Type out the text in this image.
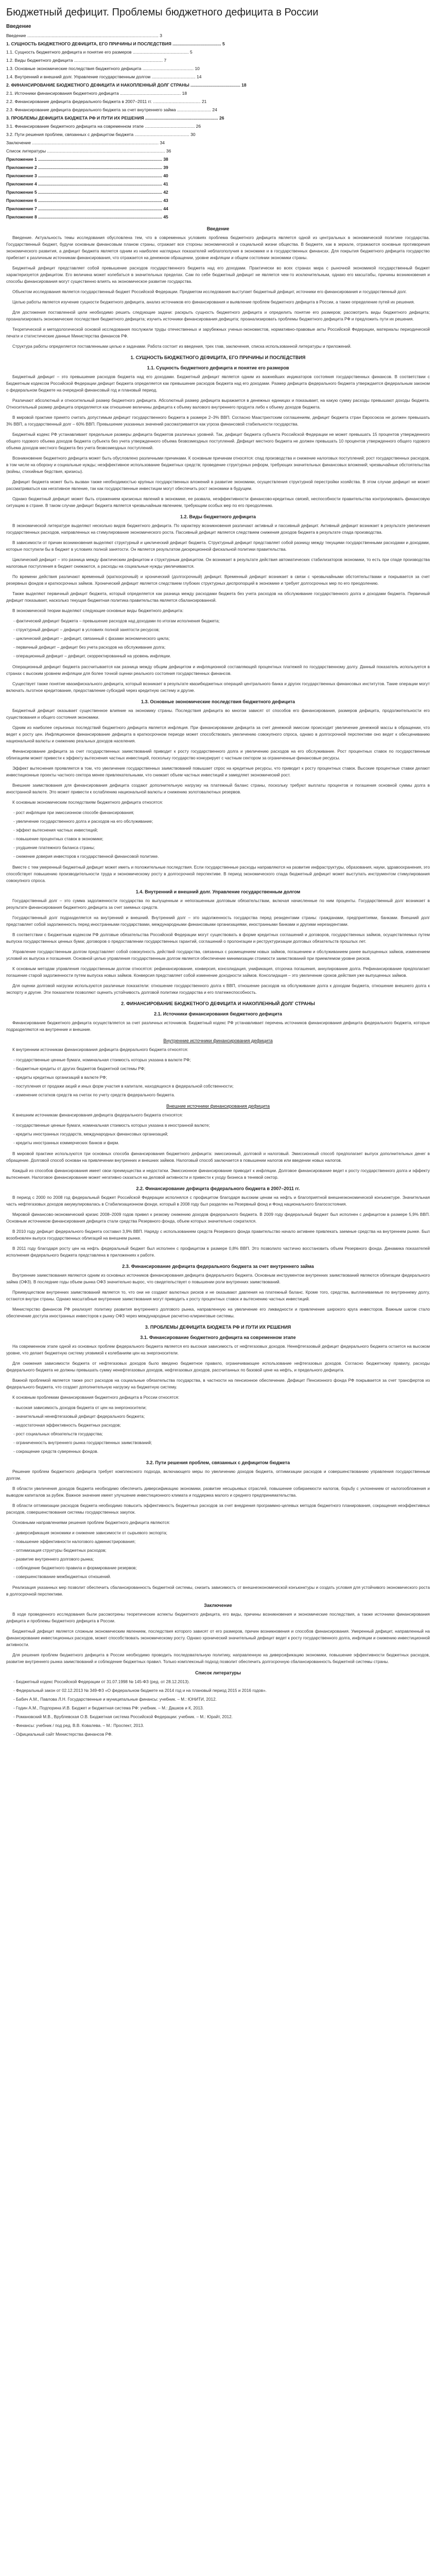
Бюджетный дефицит. Проблемы бюджетного дефицита в России
Введение
Введение ............................................................................................................ 3
1. СУЩНОСТЬ БЮДЖЕТНОГО ДЕФИЦИТА, ЕГО ПРИЧИНЫ И ПОСЛЕДСТВИЯ ........................................ 5
1.1. Сущность бюджетного дефицита и понятие его размеров .............................................. 5
1.2. Виды бюджетного дефицита ......................................................................... 7
1.3. Основные экономические последствия бюджетного дефицита .......................................... 10
1.4. Внутренний и внешний долг. Управление государственным долгом .................................... 14
2. ФИНАНСИРОВАНИЕ БЮДЖЕТНОГО ДЕФИЦИТА И НАКОПЛЕННЫЙ ДОЛГ СТРАНЫ ......................................... 18
2.1. Источники финансирования бюджетного дефицита .................................................. 18
2.2. Финансирование дефицита федерального бюджета в 2007–2011 гг. ....................................... 21
2.3. Финансирование дефицита федерального бюджета за счет внутреннего займа ............................ 24
3. ПРОБЛЕМЫ ДЕФИЦИТА БЮДЖЕТА РФ И ПУТИ ИХ РЕШЕНИЯ ............................................................ 26
3.1. Финансирование бюджетного дефицита на современном этапе ......................................... 26
3.2. Пути решения проблем, связанных с дефицитом бюджета ............................................. 30
Заключение ........................................................................................................ 34
Список литературы ................................................................................................. 36
Приложение 1 ...................................................................................................... 38
Приложение 2 ...................................................................................................... 39
Приложение 3 ...................................................................................................... 40
Приложение 4 ...................................................................................................... 41
Приложение 5 ...................................................................................................... 42
Приложение 6 ...................................................................................................... 43
Приложение 7 ...................................................................................................... 44
Приложение 8 ...................................................................................................... 45
Введение

Введение. Актуальность темы исследования обусловлена тем, что в современных условиях проблема бюджетного дефицита является одной из центральных в экономической политике государства. Государственный бюджет, будучи основным финансовым планом страны, отражает все стороны экономической и социальной жизни общества. В бюджете, как в зеркале, отражаются основные противоречия экономического развития, а дефицит бюджета является одним из наиболее наглядных показателей неблагополучия в экономике и в государственных финансах. Для покрытия бюджетного дефицита государство прибегает к различным источникам финансирования, что отражается на денежном обращении, уровне инфляции и общем состоянии экономики страны.

Бюджетный дефицит представляет собой превышение расходов государственного бюджета над его доходами. Практически во всех странах мира с рыночной экономикой государственный бюджет характеризуется дефицитом. Его величина может колебаться в значительных пределах. Сам по себе бюджетный дефицит не является чем-то исключительным, однако его масштабы, причины возникновения и способы финансирования могут существенно влиять на экономическое развитие государства.

Объектом исследования является государственный бюджет Российской Федерации. Предметом исследования выступает бюджетный дефицит, источники его финансирования и государственный долг.

Целью работы является изучение сущности бюджетного дефицита, анализ источников его финансирования и выявление проблем бюджетного дефицита в России, а также определение путей их решения.

Для достижения поставленной цели необходимо решить следующие задачи: раскрыть сущность бюджетного дефицита и определить понятие его размеров; рассмотреть виды бюджетного дефицита; проанализировать экономические последствия бюджетного дефицита; изучить источники финансирования дефицита; проанализировать проблемы бюджетного дефицита РФ и предложить пути их решения.

Теоретической и методологической основой исследования послужили труды отечественных и зарубежных ученых-экономистов, нормативно-правовые акты Российской Федерации, материалы периодической печати и статистические данные Министерства финансов РФ.

Структура работы определяется поставленными целью и задачами. Работа состоит из введения, трех глав, заключения, списка использованной литературы и приложений.

1. СУЩНОСТЬ БЮДЖЕТНОГО ДЕФИЦИТА, ЕГО ПРИЧИНЫ И ПОСЛЕДСТВИЯ
1.1. Сущность бюджетного дефицита и понятие его размеров

Бюджетный дефицит – это превышение расходов бюджета над его доходами. Бюджетный дефицит является одним из важнейших индикаторов состояния государственных финансов. В соответствии с Бюджетным кодексом Российской Федерации дефицит бюджета определяется как превышение расходов бюджета над его доходами. Размер дефицита федерального бюджета утверждается федеральным законом о федеральном бюджете на очередной финансовый год и плановый период.

Различают абсолютный и относительный размер бюджетного дефицита. Абсолютный размер дефицита выражается в денежных единицах и показывает, на какую сумму расходы превышают доходы бюджета. Относительный размер дефицита определяется как отношение величины дефицита к объему валового внутреннего продукта либо к объему доходов бюджета.

В мировой практике принято считать допустимым дефицит государственного бюджета в размере 2–3% ВВП. Согласно Маастрихтским соглашениям, дефицит бюджета стран Евросоюза не должен превышать 3% ВВП, а государственный долг – 60% ВВП. Превышение указанных значений рассматривается как угроза финансовой стабильности государства.

Бюджетный кодекс РФ устанавливает предельные размеры дефицита бюджетов различных уровней. Так, дефицит бюджета субъекта Российской Федерации не может превышать 15 процентов утвержденного общего годового объема доходов бюджета субъекта без учета утвержденного объема безвозмездных поступлений. Дефицит местного бюджета не должен превышать 10 процентов утвержденного общего годового объема доходов местного бюджета без учета безвозмездных поступлений.

Возникновение бюджетного дефицита может быть обусловлено различными причинами. К основным причинам относятся: спад производства и снижение налоговых поступлений; рост государственных расходов, в том числе на оборону и социальные нужды; неэффективное использование бюджетных средств; проведение структурных реформ, требующих значительных финансовых вложений; чрезвычайные обстоятельства (войны, стихийные бедствия, кризисы).

Дефицит бюджета может быть вызван также необходимостью крупных государственных вложений в развитие экономики, осуществления структурной перестройки хозяйства. В этом случае дефицит не может рассматриваться как негативное явление, так как государственные инвестиции могут обеспечить рост экономики в будущем.

Однако бюджетный дефицит может быть отражением кризисных явлений в экономике, ее развала, неэффективности финансово-кредитных связей, неспособности правительства контролировать финансовую ситуацию в стране. В таком случае дефицит бюджета является чрезвычайным явлением, требующим особых мер по его преодолению.

1.2. Виды бюджетного дефицита

В экономической литературе выделяют несколько видов бюджетного дефицита. По характеру возникновения различают активный и пассивный дефицит. Активный дефицит возникает в результате увеличения государственных расходов, направленных на стимулирование экономического роста. Пассивный дефицит является следствием снижения доходов бюджета в результате спада производства.

В зависимости от причин возникновения выделяют структурный и циклический дефицит бюджета. Структурный дефицит представляет собой разницу между текущими государственными расходами и доходами, которые поступили бы в бюджет в условиях полной занятости. Он является результатом дискреционной фискальной политики правительства.

Циклический дефицит – это разница между фактическим дефицитом и структурным дефицитом. Он возникает в результате действия автоматических стабилизаторов экономики, то есть при спаде производства налоговые поступления в бюджет снижаются, а расходы на социальные нужды увеличиваются.

По времени действия различают временный (краткосрочный) и хронический (долгосрочный) дефицит. Временный дефицит возникает в связи с чрезвычайными обстоятельствами и покрывается за счет резервных фондов и краткосрочных займов. Хронический дефицит является следствием глубоких структурных диспропорций в экономике и требует долгосрочных мер по его преодолению.

Также выделяют первичный дефицит бюджета, который определяется как разница между расходами бюджета без учета расходов на обслуживание государственного долга и доходами бюджета. Первичный дефицит показывает, насколько текущая бюджетная политика правительства является сбалансированной.

В экономической теории выделяют следующие основные виды бюджетного дефицита:

- фактический дефицит бюджета – превышение расходов над доходами по итогам исполнения бюджета;
- структурный дефицит – дефицит в условиях полной занятости ресурсов;
- циклический дефицит – дефицит, связанный с фазами экономического цикла;
- первичный дефицит – дефицит без учета расходов на обслуживание долга;
- операционный дефицит – дефицит, скорректированный на уровень инфляции.

Операционный дефицит бюджета рассчитывается как разница между общим дефицитом и инфляционной составляющей процентных платежей по государственному долгу. Данный показатель используется в странах с высоким уровнем инфляции для более точной оценки реального состояния государственных финансов.

Существует также понятие квазифискального дефицита, который возникает в результате квазибюджетных операций центрального банка и других государственных финансовых институтов. Такие операции могут включать льготное кредитование, предоставление субсидий через кредитную систему и другие.

1.3. Основные экономические последствия бюджетного дефицита

Бюджетный дефицит оказывает существенное влияние на экономику страны. Последствия дефицита во многом зависят от способов его финансирования, размеров дефицита, продолжительности его существования и общего состояния экономики.

Одним из наиболее серьезных последствий бюджетного дефицита является инфляция. При финансировании дефицита за счет денежной эмиссии происходит увеличение денежной массы в обращении, что ведет к росту цен. Инфляционное финансирование дефицита в краткосрочном периоде может способствовать увеличению совокупного спроса, однако в долгосрочной перспективе оно ведет к обесцениванию национальной валюты и снижению реальных доходов населения.

Финансирование дефицита за счет государственных заимствований приводит к росту государственного долга и увеличению расходов на его обслуживание. Рост процентных ставок по государственным облигациям может привести к эффекту вытеснения частных инвестиций, поскольку государство конкурирует с частным сектором за ограниченные финансовые ресурсы.

Эффект вытеснения проявляется в том, что увеличение государственных заимствований повышает спрос на кредитные ресурсы, что приводит к росту процентных ставок. Высокие процентные ставки делают инвестиционные проекты частного сектора менее привлекательными, что снижает объем частных инвестиций и замедляет экономический рост.

Внешние заимствования для финансирования дефицита создают дополнительную нагрузку на платежный баланс страны, поскольку требуют выплаты процентов и погашения основной суммы долга в иностранной валюте. Это может привести к ослаблению национальной валюты и снижению золотовалютных резервов.

К основным экономическим последствиям бюджетного дефицита относятся:

- рост инфляции при эмиссионном способе финансирования;
- увеличение государственного долга и расходов на его обслуживание;
- эффект вытеснения частных инвестиций;
- повышение процентных ставок в экономике;
- ухудшение платежного баланса страны;
- снижение доверия инвесторов к государственной финансовой политике.

Вместе с тем умеренный бюджетный дефицит может иметь и положительные последствия. Если государственные расходы направляются на развитие инфраструктуры, образования, науки, здравоохранения, это способствует повышению производительности труда и экономическому росту в долгосрочной перспективе. В период экономического спада бюджетный дефицит может выступать инструментом стимулирования совокупного спроса.

1.4. Внутренний и внешний долг. Управление государственным долгом

Государственный долг – это сумма задолженности государства по выпущенным и непогашенным долговым обязательствам, включая начисленные по ним проценты. Государственный долг возникает в результате финансирования бюджетного дефицита за счет заемных средств.

Государственный долг подразделяется на внутренний и внешний. Внутренний долг – это задолженность государства перед резидентами страны: гражданами, предприятиями, банками. Внешний долг представляет собой задолженность перед иностранными государствами, международными финансовыми организациями, иностранными банками и другими нерезидентами.

В соответствии с Бюджетным кодексом РФ долговые обязательства Российской Федерации могут существовать в форме кредитных соглашений и договоров, государственных займов, осуществляемых путем выпуска государственных ценных бумаг, договоров о предоставлении государственных гарантий, соглашений о пролонгации и реструктуризации долговых обязательств прошлых лет.

Управление государственным долгом представляет собой совокупность действий государства, связанных с размещением новых займов, погашением и обслуживанием ранее выпущенных займов, изменением условий их выпуска и погашения. Основной целью управления государственным долгом является обеспечение минимизации стоимости заимствований при приемлемом уровне рисков.

К основным методам управления государственным долгом относятся: рефинансирование, конверсия, консолидация, унификация, отсрочка погашения, аннулирование долга. Рефинансирование предполагает погашение старой задолженности путем выпуска новых займов. Конверсия представляет собой изменение доходности займов. Консолидация – это увеличение сроков действия уже выпущенных займов.

Для оценки долговой нагрузки используются различные показатели: отношение государственного долга к ВВП, отношение расходов на обслуживание долга к доходам бюджета, отношение внешнего долга к экспорту и другие. Эти показатели позволяют оценить устойчивость долговой политики государства и его платежеспособность.

2. ФИНАНСИРОВАНИЕ БЮДЖЕТНОГО ДЕФИЦИТА И НАКОПЛЕННЫЙ ДОЛГ СТРАНЫ
2.1. Источники финансирования бюджетного дефицита

Финансирование бюджетного дефицита осуществляется за счет различных источников. Бюджетный кодекс РФ устанавливает перечень источников финансирования дефицита федерального бюджета, которые подразделяются на внутренние и внешние.

Внутренние источники финансирования дефицита

К внутренним источникам финансирования дефицита федерального бюджета относятся:

- государственные ценные бумаги, номинальная стоимость которых указана в валюте РФ;
- бюджетные кредиты от других бюджетов бюджетной системы РФ;
- кредиты кредитных организаций в валюте РФ;
- поступления от продажи акций и иных форм участия в капитале, находящихся в федеральной собственности;
- изменение остатков средств на счетах по учету средств федерального бюджета.
Внешние источники финансирования дефицита

К внешним источникам финансирования дефицита федерального бюджета относятся:

- государственные ценные бумаги, номинальная стоимость которых указана в иностранной валюте;
- кредиты иностранных государств, международных финансовых организаций;
- кредиты иностранных коммерческих банков и фирм.

В мировой практике используются три основных способа финансирования бюджетного дефицита: эмиссионный, долговой и налоговый. Эмиссионный способ предполагает выпуск дополнительных денег в обращение. Долговой способ основан на привлечении внутренних и внешних займов. Налоговый способ заключается в повышении налогов или введении новых налогов.

Каждый из способов финансирования имеет свои преимущества и недостатки. Эмиссионное финансирование приводит к инфляции. Долговое финансирование ведет к росту государственного долга и эффекту вытеснения. Налоговое финансирование может негативно сказаться на деловой активности и привести к уходу бизнеса в теневой сектор.

2.2. Финансирование дефицита федерального бюджета в 2007–2011 гг.

В период с 2000 по 2008 год федеральный бюджет Российской Федерации исполнялся с профицитом благодаря высоким ценам на нефть и благоприятной внешнеэкономической конъюнктуре. Значительная часть нефтегазовых доходов аккумулировалась в Стабилизационном фонде, который в 2008 году был разделен на Резервный фонд и Фонд национального благосостояния.

Мировой финансово-экономический кризис 2008–2009 годов привел к резкому снижению доходов федерального бюджета. В 2009 году федеральный бюджет был исполнен с дефицитом в размере 5,9% ВВП. Основным источником финансирования дефицита стали средства Резервного фонда, объем которых значительно сократился.

В 2010 году дефицит федерального бюджета составил 3,9% ВВП. Наряду с использованием средств Резервного фонда правительство начало активнее привлекать заемные средства на внутреннем рынке. Был возобновлен выпуск государственных облигаций на внешнем рынке.

В 2011 году благодаря росту цен на нефть федеральный бюджет был исполнен с профицитом в размере 0,8% ВВП. Это позволило частично восстановить объем Резервного фонда. Динамика показателей исполнения федерального бюджета представлена в приложениях к работе.

2.3. Финансирование дефицита федерального бюджета за счет внутреннего займа

Внутренние заимствования являются одним из основных источников финансирования дефицита федерального бюджета. Основным инструментом внутренних заимствований являются облигации федерального займа (ОФЗ). В последние годы объем рынка ОФЗ значительно вырос, что свидетельствует о повышении роли внутренних заимствований.

Преимуществом внутренних заимствований является то, что они не создают валютных рисков и не оказывают давления на платежный баланс. Кроме того, средства, выплачиваемые по внутреннему долгу, остаются внутри страны. Однако масштабные внутренние заимствования могут приводить к росту процентных ставок и вытеснению частных инвестиций.

Министерство финансов РФ реализует политику развития внутреннего долгового рынка, направленную на увеличение его ликвидности и привлечение широкого круга инвесторов. Важным шагом стало обеспечение доступа иностранных инвесторов к рынку ОФЗ через международные расчетно-клиринговые системы.

3. ПРОБЛЕМЫ ДЕФИЦИТА БЮДЖЕТА РФ И ПУТИ ИХ РЕШЕНИЯ
3.1. Финансирование бюджетного дефицита на современном этапе

На современном этапе одной из основных проблем федерального бюджета является его высокая зависимость от нефтегазовых доходов. Ненефтегазовый дефицит федерального бюджета остается на высоком уровне, что делает бюджетную систему уязвимой к колебаниям цен на энергоносители.

Для снижения зависимости бюджета от нефтегазовых доходов было введено бюджетное правило, ограничивающее использование нефтегазовых доходов. Согласно бюджетному правилу, расходы федерального бюджета не должны превышать сумму ненефтегазовых доходов, нефтегазовых доходов, рассчитанных по базовой цене на нефть, и предельного дефицита.

Важной проблемой является также рост расходов на социальные обязательства государства, в частности на пенсионное обеспечение. Дефицит Пенсионного фонда РФ покрывается за счет трансфертов из федерального бюджета, что создает дополнительную нагрузку на бюджетную систему.

К основным проблемам финансирования бюджетного дефицита в России относятся:

- высокая зависимость доходов бюджета от цен на энергоносители;
- значительный ненефтегазовый дефицит федерального бюджета;
- недостаточная эффективность бюджетных расходов;
- рост социальных обязательств государства;
- ограниченность внутреннего рынка государственных заимствований;
- сокращение средств суверенных фондов.
3.2. Пути решения проблем, связанных с дефицитом бюджета

Решение проблем бюджетного дефицита требует комплексного подхода, включающего меры по увеличению доходов бюджета, оптимизации расходов и совершенствованию управления государственным долгом.

В области увеличения доходов бюджета необходимо обеспечить диверсификацию экономики, развитие несырьевых отраслей, повышение собираемости налогов, борьбу с уклонением от налогообложения и выводом капиталов за рубеж. Важное значение имеет улучшение инвестиционного климата и поддержка малого и среднего предпринимательства.

В области оптимизации расходов бюджета необходимо повысить эффективность бюджетных расходов за счет внедрения программно-целевых методов бюджетного планирования, сокращения неэффективных расходов, совершенствования системы государственных закупок.

Основными направлениями решения проблем бюджетного дефицита являются:

- диверсификация экономики и снижение зависимости от сырьевого экспорта;
- повышение эффективности налогового администрирования;
- оптимизация структуры бюджетных расходов;
- развитие внутреннего долгового рынка;
- соблюдение бюджетного правила и формирование резервов;
- совершенствование межбюджетных отношений.

Реализация указанных мер позволит обеспечить сбалансированность бюджетной системы, снизить зависимость от внешнеэкономической конъюнктуры и создать условия для устойчивого экономического роста в долгосрочной перспективе.

Заключение

В ходе проведенного исследования были рассмотрены теоретические аспекты бюджетного дефицита, его виды, причины возникновения и экономические последствия, а также источники финансирования дефицита и проблемы бюджетного дефицита в России.

Бюджетный дефицит является сложным экономическим явлением, последствия которого зависят от его размеров, причин возникновения и способов финансирования. Умеренный дефицит, направленный на финансирование инвестиционных расходов, может способствовать экономическому росту. Однако хронический значительный дефицит ведет к росту государственного долга, инфляции и снижению инвестиционной активности.

Для решения проблем бюджетного дефицита в России необходимо проводить последовательную политику, направленную на диверсификацию экономики, повышение эффективности бюджетных расходов, развитие внутреннего рынка заимствований и соблюдение бюджетных правил. Только комплексный подход позволит обеспечить долгосрочную сбалансированность бюджетной системы страны.

Список литературы
- Бюджетный кодекс Российской Федерации от 31.07.1998 № 145-ФЗ (ред. от 28.12.2013).
- Федеральный закон от 02.12.2013 № 349-ФЗ «О федеральном бюджете на 2014 год и на плановый период 2015 и 2016 годов».
- Бабич А.М., Павлова Л.Н. Государственные и муниципальные финансы: учебник. – М.: ЮНИТИ, 2012.
- Годин А.М., Подпорина И.В. Бюджет и бюджетная система РФ: учебник. – М.: Дашков и К, 2013.
- Романовский М.В., Врублевская О.В. Бюджетная система Российской Федерации: учебник. – М.: Юрайт, 2012.
- Финансы: учебник / под ред. В.В. Ковалева. – М.: Проспект, 2013.
- Официальный сайт Министерства финансов РФ.
